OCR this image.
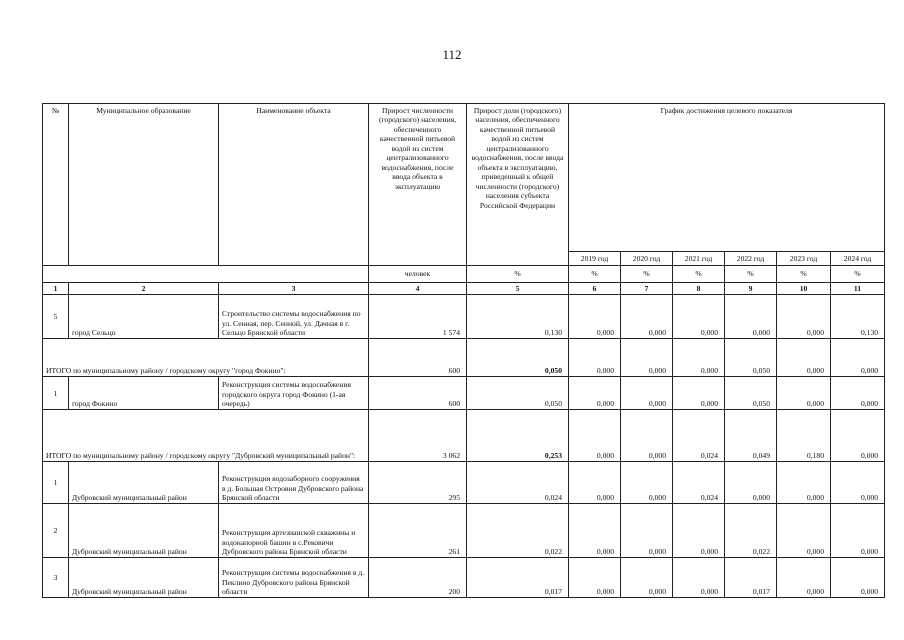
112
№	Муниципальное образование	Наименование объекта	Прирост численности (городского) населения, обеспеченного качественной питьевой водой из систем централизованного водоснабжения, после ввода объекта в эксплуатацию	Прирост доли (городского) населения, обеспеченного качественной питьевой водой из систем централизованного водоснабжения, после ввода объекта в эксплуатацию, приведенный к общей численности (городского) населения субъекта Российской Федерации	График достижения целевого показателя					
					2019 год	2020 год	2021 год	2022 год	2023 год	2024 год
			человек	%	%	%	%	%	%	%
1	2	3	4	5	6	7	8	9	10	11
5	город Сельцо	Строительство системы водоснабжения по ул. Сенная, пер. Сенной, ул. Дачная в г. Сельцо Брянской области	1 574	0,130	0,000	0,000	0,000	0,000	0,000	0,130
ИТОГО по муниципальному району / городскому округу "город Фокино":			600	0,050	0,000	0,000	0,000	0,050	0,000	0,000
1	город Фокино	Реконструкция системы водоснабжения городского округа город Фокино (1-ая очередь)	600	0,050	0,000	0,000	0,000	0,050	0,000	0,000
ИТОГО по муниципальному району / городскому округу "Дубровский муниципальный район":			3 062	0,253	0,000	0,000	0,024	0,049	0,180	0,000
1	Дубровский муниципальный район	Реконструкция водозаборного сооружения в д. Большая Островня Дубровского района Брянской области	295	0,024	0,000	0,000	0,024	0,000	0,000	0,000
2	Дубровский муниципальный район	Реконструкция артезианской скважины и водонапорной башни в с.Рековичи Дубровского района Брянской области	261	0,022	0,000	0,000	0,000	0,022	0,000	0,000
3	Дубровский муниципальный район	Реконструкция системы водоснабжения в д. Пеклино Дубровского района Брянской области	200	0,017	0,000	0,000	0,000	0,017	0,000	0,000
